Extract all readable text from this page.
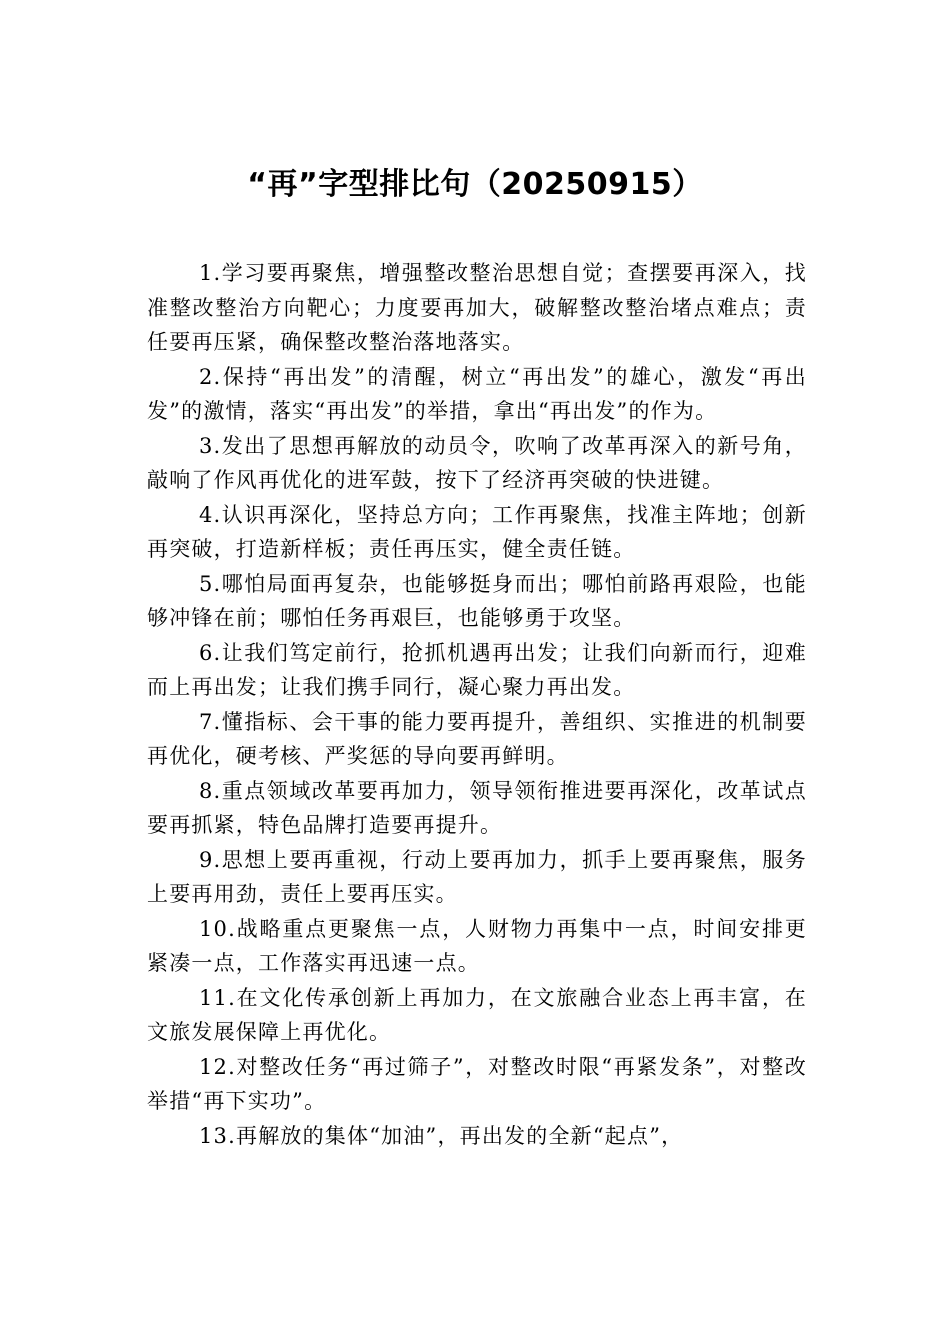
“再”字型排比句（20250915）

1.学习要再聚焦，增强整改整治思想自觉；查摆要再深入，找准整改整治方向靶心；力度要再加大，破解整改整治堵点难点；责任要再压紧，确保整改整治落地落实。

2.保持“再出发”的清醒，树立“再出发”的雄心，激发“再出发”的激情，落实“再出发”的举措，拿出“再出发”的作为。

3.发出了思想再解放的动员令，吹响了改革再深入的新号角，敲响了作风再优化的进军鼓，按下了经济再突破的快进键。

4.认识再深化，坚持总方向；工作再聚焦，找准主阵地；创新再突破，打造新样板；责任再压实，健全责任链。

5.哪怕局面再复杂，也能够挺身而出；哪怕前路再艰险，也能够冲锋在前；哪怕任务再艰巨，也能够勇于攻坚。

6.让我们笃定前行，抢抓机遇再出发；让我们向新而行，迎难而上再出发；让我们携手同行，凝心聚力再出发。

7.懂指标、会干事的能力要再提升，善组织、实推进的机制要再优化，硬考核、严奖惩的导向要再鲜明。

8.重点领域改革要再加力，领导领衔推进要再深化，改革试点要再抓紧，特色品牌打造要再提升。

9.思想上要再重视，行动上要再加力，抓手上要再聚焦，服务上要再用劲，责任上要再压实。

10.战略重点更聚焦一点，人财物力再集中一点，时间安排更紧凑一点，工作落实再迅速一点。

11.在文化传承创新上再加力，在文旅融合业态上再丰富，在文旅发展保障上再优化。

12.对整改任务“再过筛子”，对整改时限“再紧发条”，对整改举措“再下实功”。

13.再解放的集体“加油”，再出发的全新“起点”，
